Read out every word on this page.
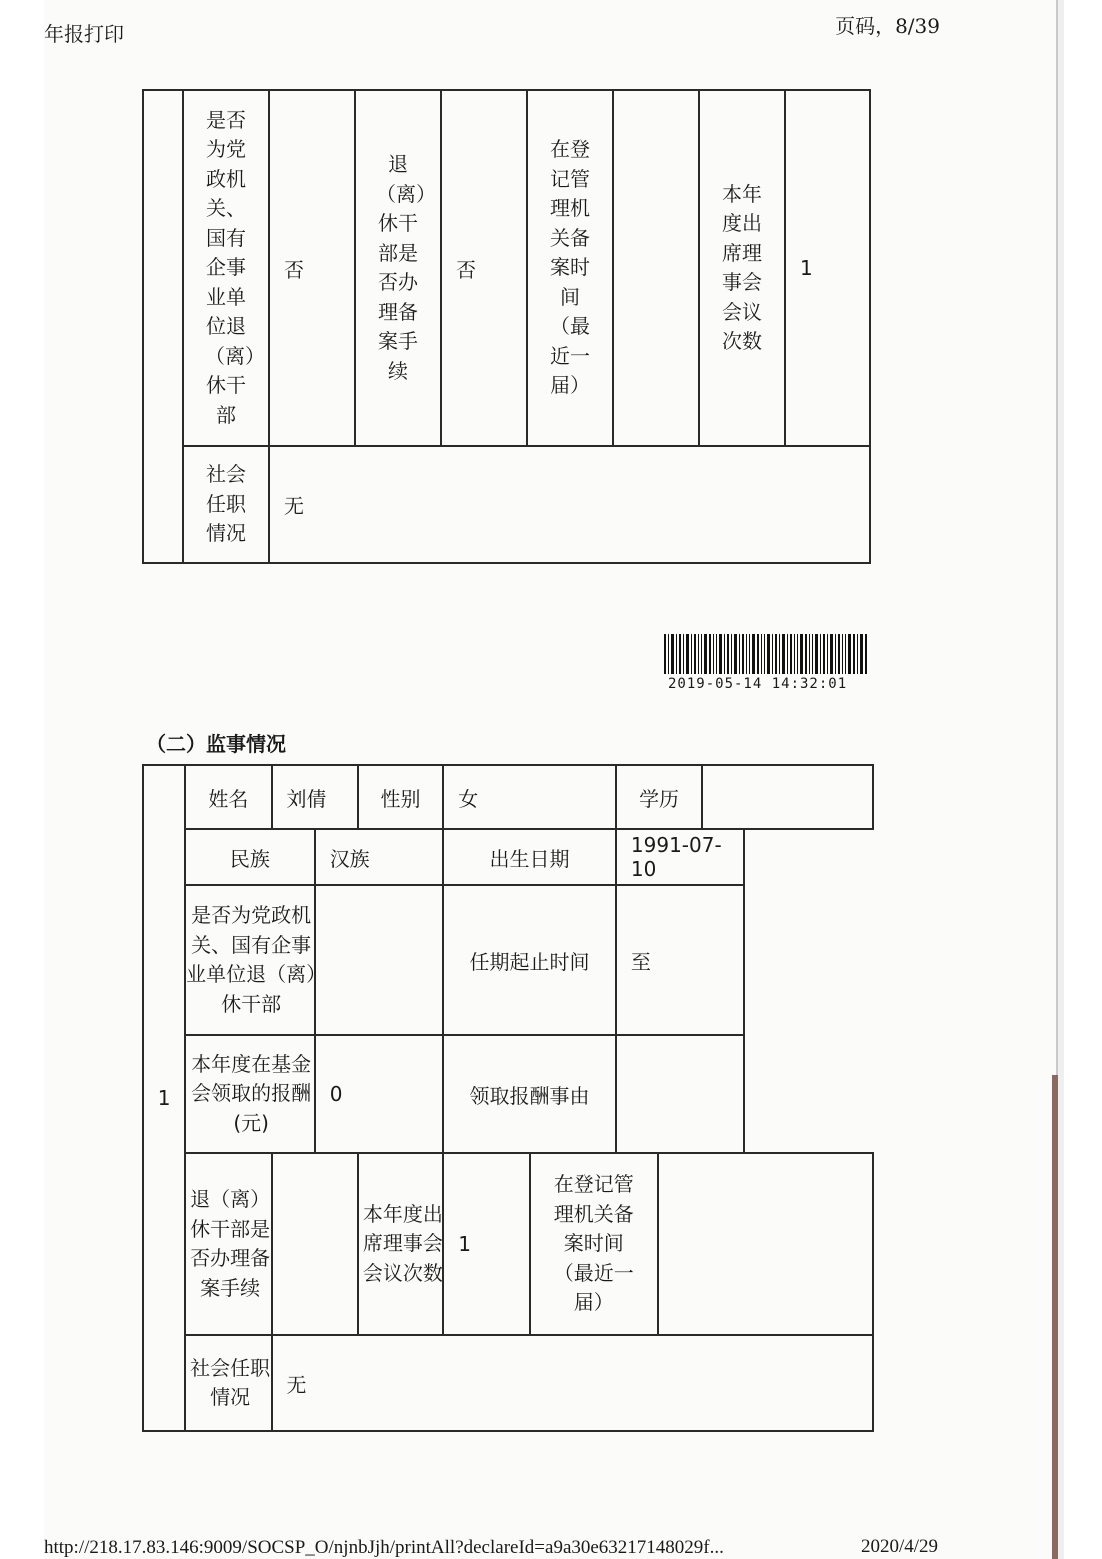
年报打印	页码，8/39

	是否为党政机关、国有企事业单位退（离）休干部	否	退（离）休干部是否办理备案手续	否	在登记管理机关备案时间（最近一届）		本年度出席理事会会议次数	1

	社会任职情况	无						
2019-05-14 14:32:01
（二）监事情况
1	姓名	刘倩		性别	女		学历		
	民族		汉族		出生日期		1991-07-10		

	是否为党政机关、国有企事业单位退（离）休干部				任期起止时间		至		

	本年度在基金会领取的报酬(元)		0		领取报酬事由				

	退（离）休干部是否办理备案手续			本年度出席理事会会议次数	1	在登记管理机关备案时间（最近一届）			

	社会任职情况	无							
http://218.17.83.146:9009/SOCSP_O/njnbJjh/printAll?declareId=a9a30e63217148029f...	2020/4/29
